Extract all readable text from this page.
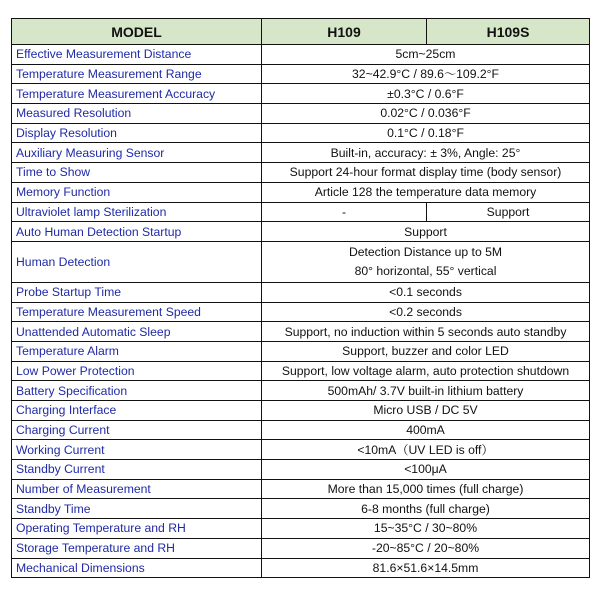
MODEL	H109	H109S
Effective Measurement Distance	5cm~25cm	
Temperature Measurement Range	32~42.9°C / 89.6～109.2°F	
Temperature Measurement Accuracy	±0.3°C / 0.6°F	
Measured Resolution	0.02°C / 0.036°F	
Display Resolution	0.1°C / 0.18°F	
Auxiliary Measuring Sensor	Built-in, accuracy: ± 3%, Angle: 25°	
Time to Show	Support 24-hour format display time (body sensor)	
Memory Function	Article 128 the temperature data memory	
Ultraviolet lamp Sterilization	-	Support
Auto Human Detection Startup	Support	
Human Detection	Detection Distance up to 5M
80° horizontal, 55° vertical	

Probe Startup Time	<0.1 seconds	
Temperature Measurement Speed	<0.2 seconds	
Unattended Automatic Sleep	Support, no induction within 5 seconds auto standby	
Temperature Alarm	Support, buzzer and color LED	
Low Power Protection	Support, low voltage alarm, auto protection shutdown	
Battery Specification	500mAh/ 3.7V built-in lithium battery	
Charging Interface	Micro USB / DC 5V	
Charging Current	400mA	
Working Current	<10mA（UV LED is off）	
Standby Current	<100μA	
Number of Measurement	More than 15,000 times (full charge)	
Standby Time	6-8 months (full charge)	
Operating Temperature and RH	15~35°C / 30~80%	
Storage Temperature and RH	-20~85°C / 20~80%	
Mechanical Dimensions	81.6×51.6×14.5mm	
